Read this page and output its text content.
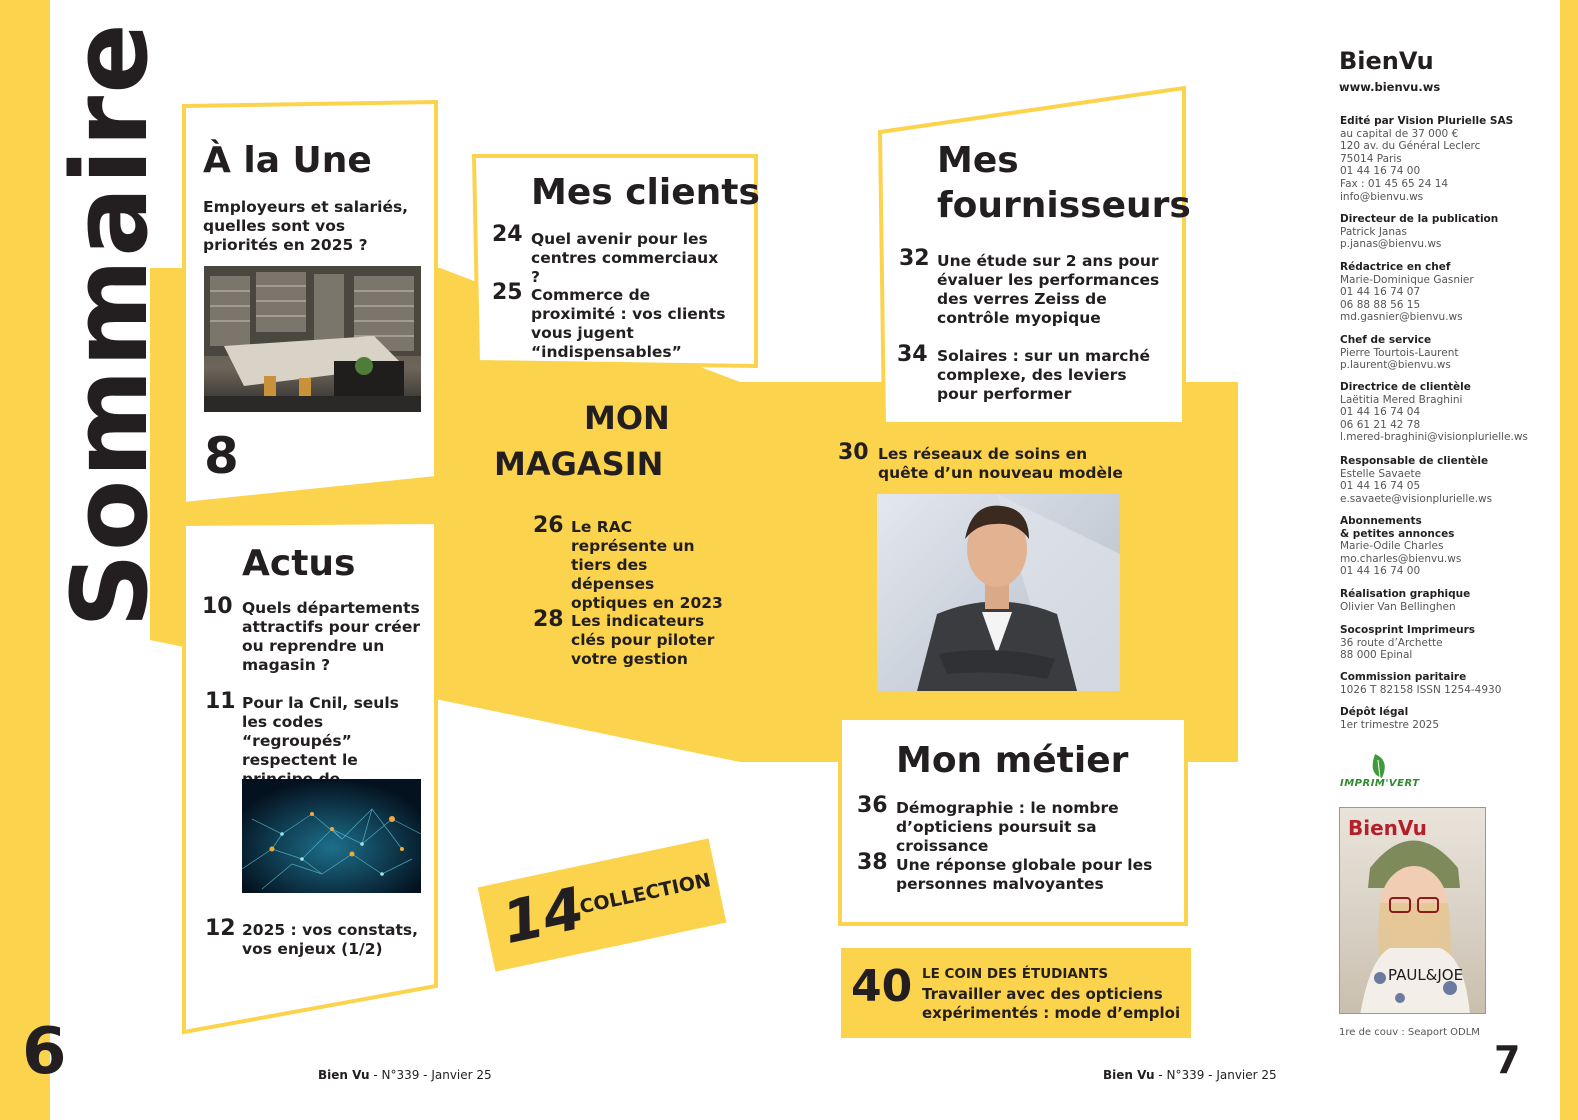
Sommaire
6	7
Bien Vu - N°339 - Janvier 25	Bien Vu - N°339 - Janvier 25
À la Une
Employeurs et salariés, quelles sont vos priorités en 2025 ?
8
Actus
10 Quels départements attractifs pour créer ou reprendre un magasin ?
11 Pour la Cnil, seuls les codes “regroupés” respectent le
12 2025 : vos constats, vos enjeux (1/2)
Mes clients
24 Quel avenir pour les centres commerciaux ?
25 Commerce de proximité : vos clients vous jugent “indispensables”
MON
MAGASIN
26 Le RAC représente un tiers des dépenses optiques en 2023
28 Les indicateurs clés pour piloter votre gestion
14
COLLECTION
Mes
fournisseurs
32 Une étude sur 2 ans pour évaluer les performances des verres Zeiss de contrôle myopique
34 Solaires : sur un marché complexe, des leviers pour performer
30 Les réseaux de soins en quête d’un nouveau modèle
Mon métier
36 Démographie : le nombre d’opticiens poursuit sa croissance
38 Une réponse globale pour les personnes malvoyantes
40 LE COIN DES ÉTUDIANTS
Travailler avec des opticiens expérimentés : mode d’emploi
BienVu
www.bienvu.ws
Edité par Vision Plurielle SAS
au capital de 37 000 €
120 av. du Général Leclerc
75014 Paris
01 44 16 74 00
Fax : 01 45 65 24 14
info@bienvu.ws
Directeur de la publication
Patrick Janas
p.janas@bienvu.ws
Rédactrice en chef
Marie-Dominique Gasnier
01 44 16 74 07
06 88 88 56 15
md.gasnier@bienvu.ws
Chef de service
Pierre Tourtois-Laurent
p.laurent@bienvu.ws
Directrice de clientèle
Laëtitia Mered Braghini
01 44 16 74 04
06 61 21 42 78
l.mered-braghini@visionplurielle.ws
Responsable de clientèle
Estelle Savaete
01 44 16 74 05
e.savaete@visionplurielle.ws
Abonnements
& petites annonces
Marie-Odile Charles
mo.charles@bienvu.ws
01 44 16 74 00
Réalisation graphique
Olivier Van Bellinghen
Socosprint Imprimeurs
36 route d’Archette
88 000 Epinal
Commission paritaire
1026 T 82158 ISSN 1254-4930
Dépôt légal
1er trimestre 2025
IMPRIM'VERT
BienVu
PAUL&JOE
1re de couv : Seaport ODLM
